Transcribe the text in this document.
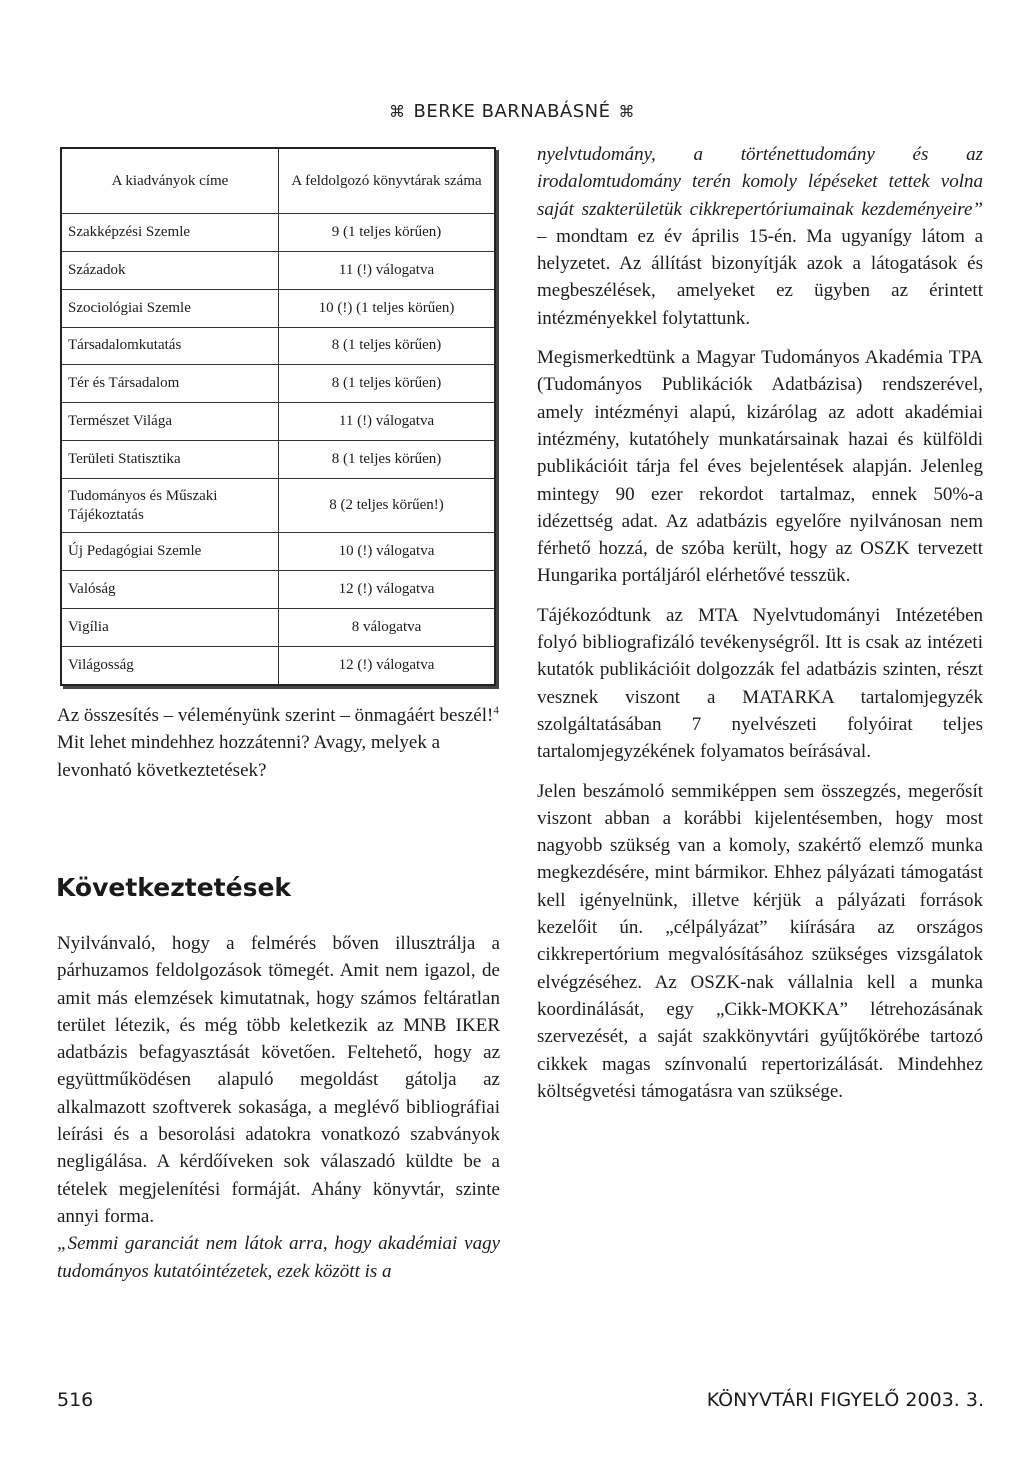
⌘ BERKE BARNABÁSNÉ ⌘
A kiadványok címe	A feldolgozó könyvtárak száma
Szakképzési Szemle	9 (1 teljes körűen)
Századok	11 (!) válogatva
Szociológiai Szemle	10 (!) (1 teljes körűen)
Társadalomkutatás	8 (1 teljes körűen)
Tér és Társadalom	8 (1 teljes körűen)
Természet Világa	11 (!) válogatva
Területi Statisztika	8 (1 teljes körűen)
Tudományos és Műszaki Tájékoztatás	8 (2 teljes körűen!)
Új Pedagógiai Szemle	10 (!) válogatva
Valóság	12 (!) válogatva
Vigília	8 válogatva
Világosság	12 (!) válogatva

Az összesítés – véleményünk szerint – önmagáért beszél!$^4$

Mit lehet mindehhez hozzátenni? Avagy, melyek a levonható következtetések?

Következtetések

Nyilvánvaló, hogy a felmérés bőven illusztrálja a párhuzamos feldolgozások tömegét. Amit nem igazol, de amit más elemzések kimutatnak, hogy számos feltáratlan terület létezik, és még több keletkezik az MNB IKER adatbázis befagyasztását követően. Feltehető, hogy az együttműködésen alapuló megoldást gátolja az alkalmazott szoftverek sokasága, a meglévő bibliográfiai leírási és a besorolási adatokra vonatkozó szabványok negligálása. A kérdőíveken sok válaszadó küldte be a tételek megjelenítési formáját. Ahány könyvtár, szinte annyi forma.

„Semmi garanciát nem látok arra, hogy akadémiai vagy tudományos kutatóintézetek, ezek között is a

nyelvtudomány, a történettudomány és az irodalomtudomány terén komoly lépéseket tettek volna saját szakterületük cikkrepertóriumainak kezdeményeire” – mondtam ez év április 15-én. Ma ugyanígy látom a helyzetet. Az állítást bizonyítják azok a látogatások és megbeszélések, amelyeket ez ügyben az érintett intézményekkel folytattunk.

Megismerkedtünk a Magyar Tudományos Akadémia TPA (Tudományos Publikációk Adatbázisa) rendszerével, amely intézményi alapú, kizárólag az adott akadémiai intézmény, kutatóhely munkatársainak hazai és külföldi publikációit tárja fel éves bejelentések alapján. Jelenleg mintegy 90 ezer rekordot tartalmaz, ennek 50%-a idézettség adat. Az adatbázis egyelőre nyilvánosan nem férhető hozzá, de szóba került, hogy az OSZK tervezett Hungarika portáljáról elérhetővé tesszük.

Tájékozódtunk az MTA Nyelvtudományi Intézetében folyó bibliografizáló tevékenységről. Itt is csak az intézeti kutatók publikációit dolgozzák fel adatbázis szinten, részt vesznek viszont a MATARKA tartalomjegyzék szolgáltatásában 7 nyelvészeti folyóirat teljes tartalomjegyzékének folyamatos beírásával.

Jelen beszámoló semmiképpen sem összegzés, megerősít viszont abban a korábbi kijelentésemben, hogy most nagyobb szükség van a komoly, szakértő elemző munka megkezdésére, mint bármikor. Ehhez pályázati támogatást kell igényelnünk, illetve kérjük a pályázati források kezelőit ún. „célpályázat” kiírására az országos cikkrepertórium megvalósításához szükséges vizsgálatok elvégzéséhez. Az OSZK-nak vállalnia kell a munka koordinálását, egy „Cikk-MOKKA” létrehozásának szervezését, a saját szakkönyvtári gyűjtőkörébe tartozó cikkek magas színvonalú repertorizálását. Mindehhez költségvetési támogatásra van szüksége.

516	KÖNYVTÁRI FIGYELŐ 2003. 3.
